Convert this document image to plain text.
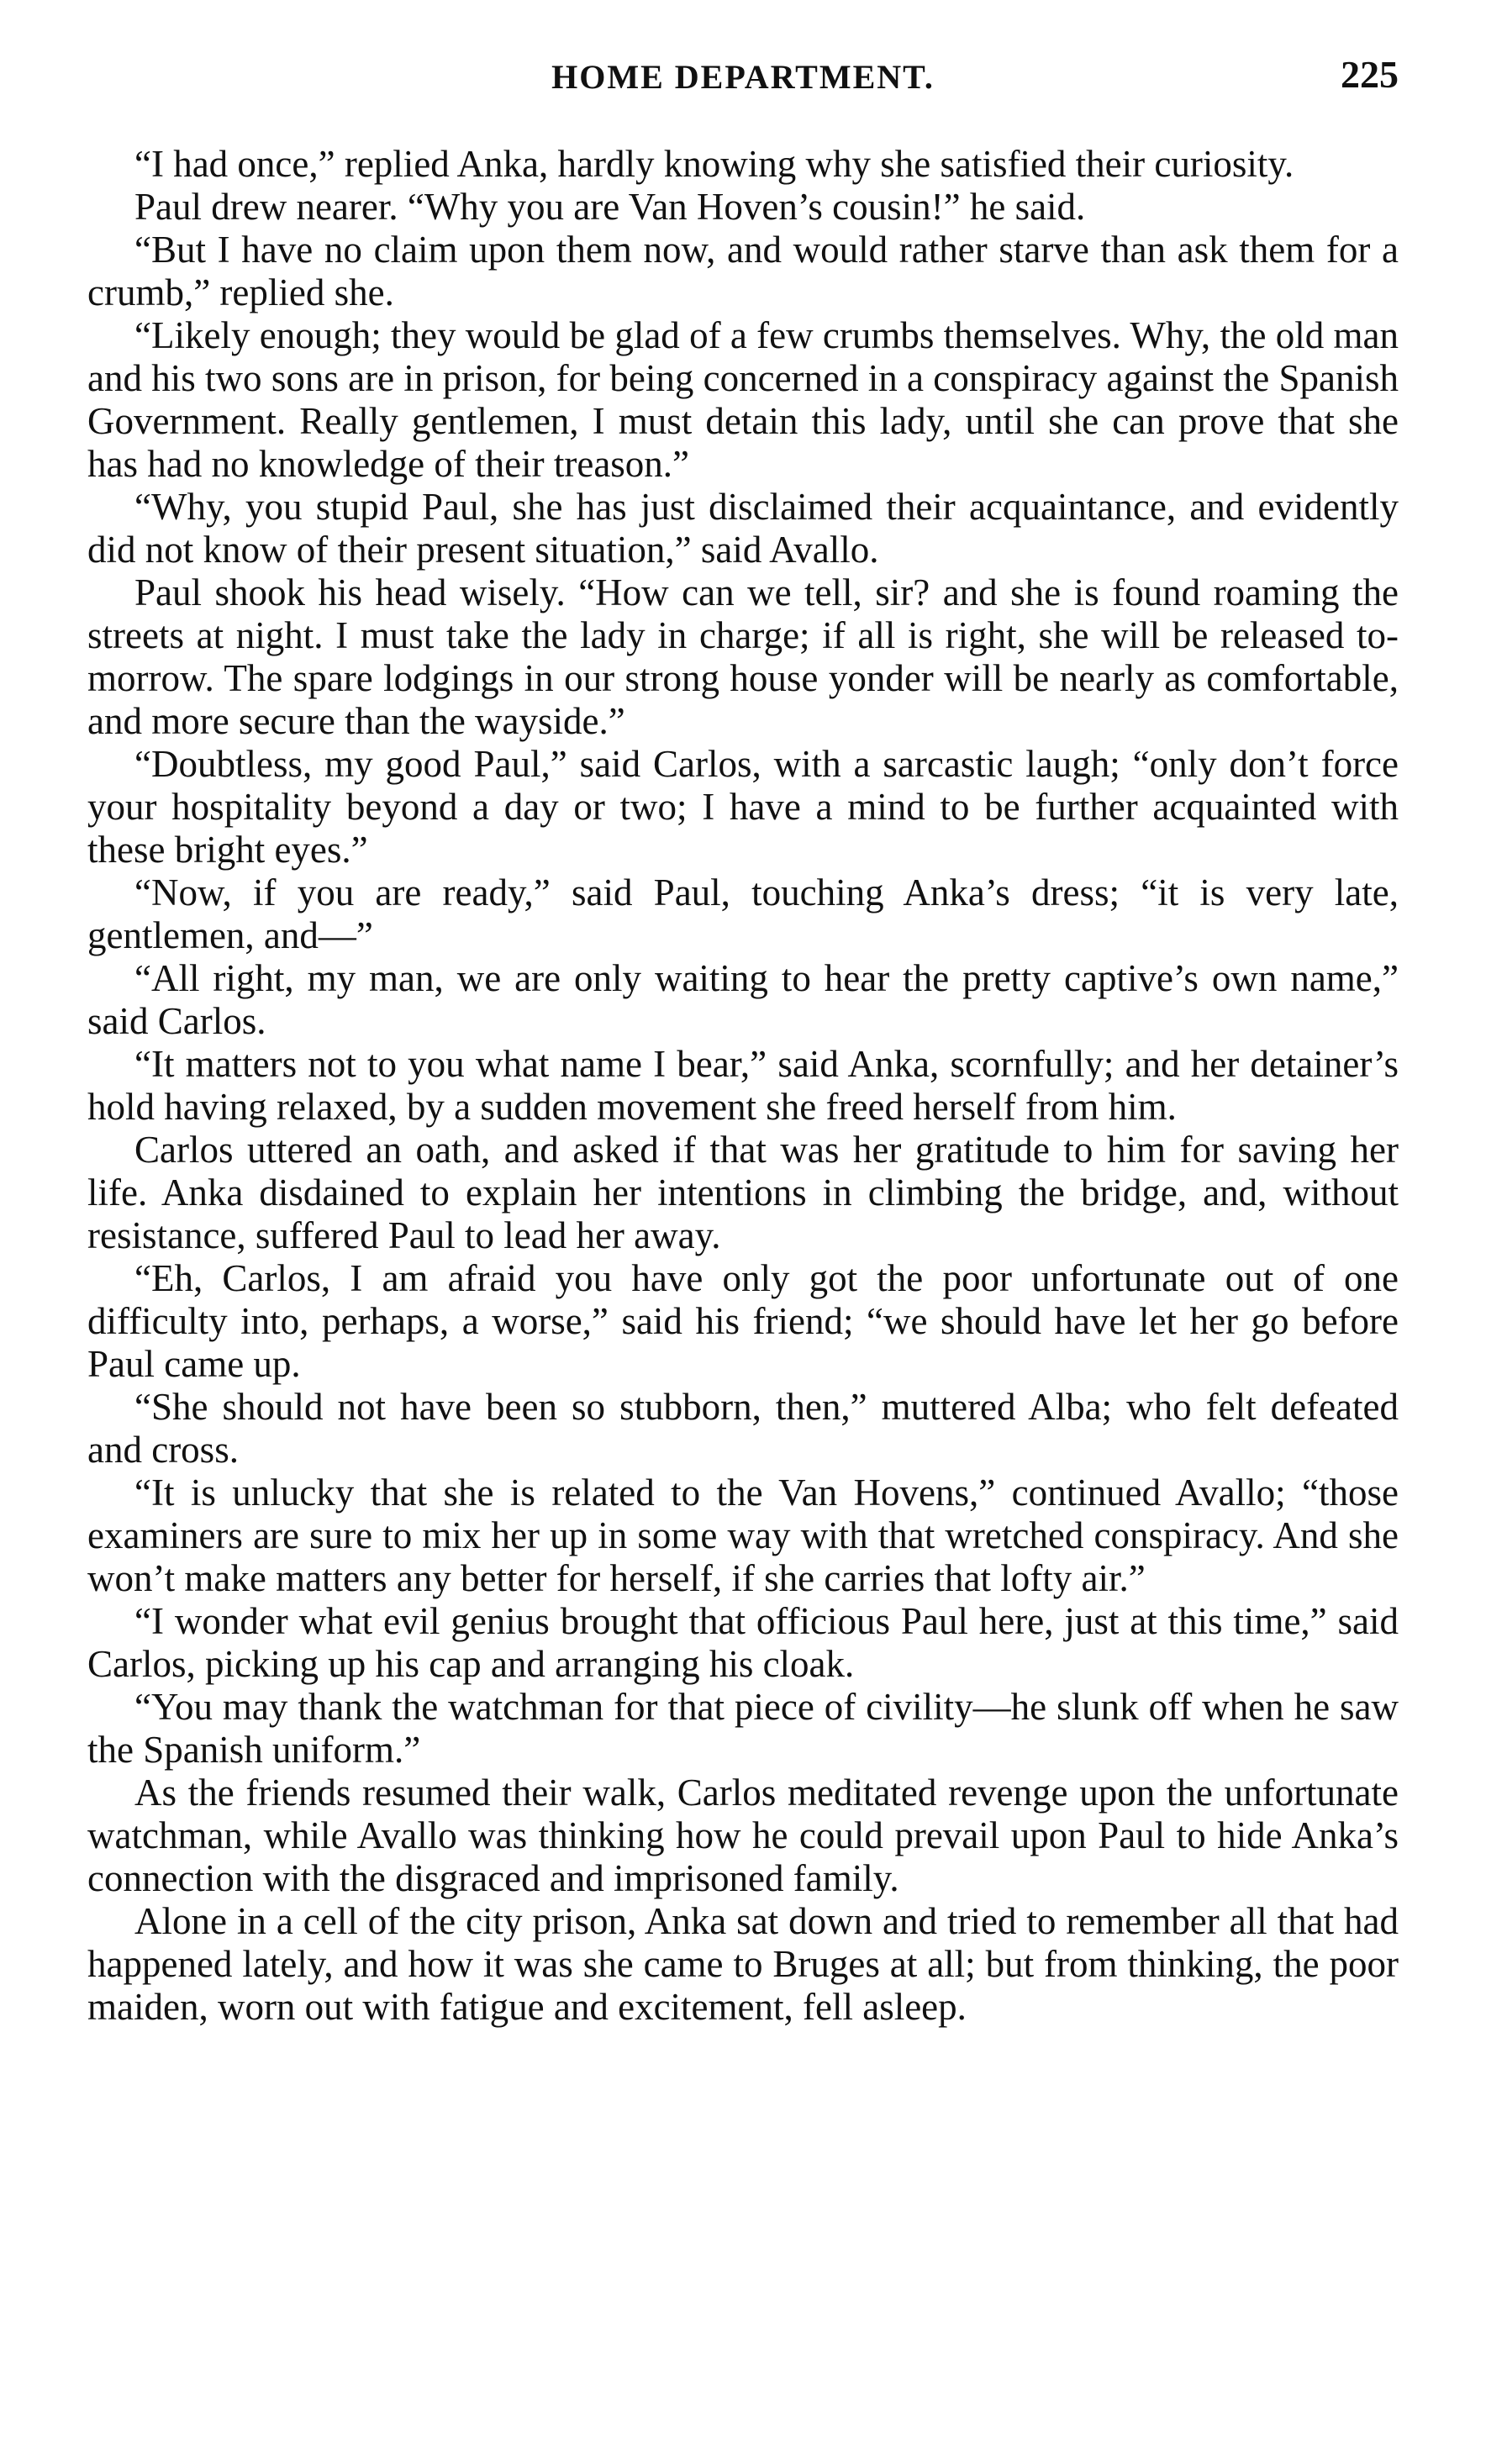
HOME DEPARTMENT.	225

“I had once,” replied Anka, hardly knowing why she satisfied their curiosity.

Paul drew nearer. “Why you are Van Hoven’s cousin!” he said.

“But I have no claim upon them now, and would rather starve than ask them for a crumb,” replied she.

“Likely enough; they would be glad of a few crumbs themselves. Why, the old man and his two sons are in prison, for being concerned in a conspiracy against the Spanish Government. Really gentlemen, I must detain this lady, until she can prove that she has had no knowledge of their treason.”

“Why, you stupid Paul, she has just disclaimed their acquaintance, and evidently did not know of their present situation,” said Avallo.

Paul shook his head wisely. “How can we tell, sir? and she is found roaming the streets at night. I must take the lady in charge; if all is right, she will be released to-morrow. The spare lodgings in our strong house yonder will be nearly as comfortable, and more secure than the wayside.”

“Doubtless, my good Paul,” said Carlos, with a sarcastic laugh; “only don’t force your hospitality beyond a day or two; I have a mind to be further acquainted with these bright eyes.”

“Now, if you are ready,” said Paul, touching Anka’s dress; “it is very late, gentlemen, and—”

“All right, my man, we are only waiting to hear the pretty captive’s own name,” said Carlos.

“It matters not to you what name I bear,” said Anka, scornfully; and her detainer’s hold having relaxed, by a sudden movement she freed herself from him.

Carlos uttered an oath, and asked if that was her gratitude to him for saving her life. Anka disdained to explain her intentions in climbing the bridge, and, without resistance, suffered Paul to lead her away.

“Eh, Carlos, I am afraid you have only got the poor unfortunate out of one difficulty into, perhaps, a worse,” said his friend; “we should have let her go before Paul came up.

“She should not have been so stubborn, then,” muttered Alba; who felt defeated and cross.

“It is unlucky that she is related to the Van Hovens,” continued Avallo; “those examiners are sure to mix her up in some way with that wretched conspiracy. And she won’t make matters any better for herself, if she carries that lofty air.”

“I wonder what evil genius brought that officious Paul here, just at this time,” said Carlos, picking up his cap and arranging his cloak.

“You may thank the watchman for that piece of civility—he slunk off when he saw the Spanish uniform.”

As the friends resumed their walk, Carlos meditated revenge upon the unfortunate watchman, while Avallo was thinking how he could prevail upon Paul to hide Anka’s connection with the disgraced and imprisoned family.

Alone in a cell of the city prison, Anka sat down and tried to remember all that had happened lately, and how it was she came to Bruges at all; but from thinking, the poor maiden, worn out with fatigue and excitement, fell asleep.
